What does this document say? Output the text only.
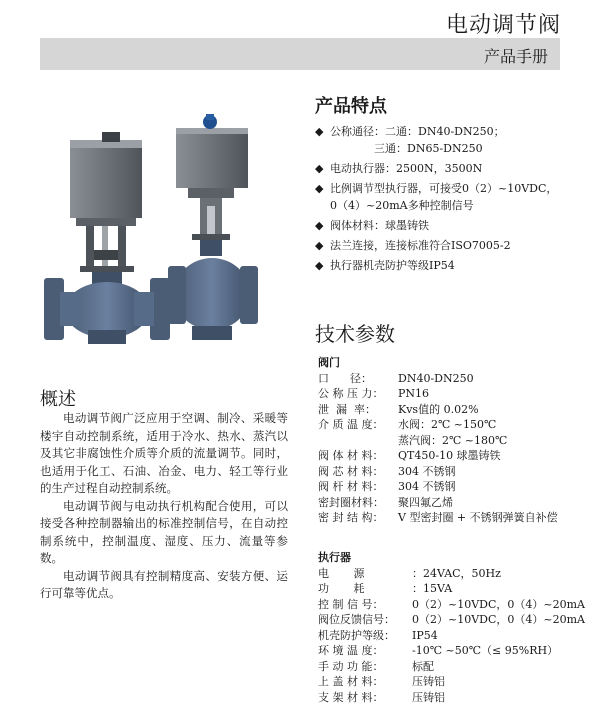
电动调节阀
产品手册
产品特点
◆ 公称通径：二通：DN40-DN250；
三通：DN65-DN250
◆ 电动执行器：2500N，3500N
◆ 比例调节型执行器，可接受0（2）~10VDC，
0（4）~20mA多种控制信号
◆ 阀体材料：球墨铸铁
◆ 法兰连接，连接标准符合ISO7005-2
◆ 执行器机壳防护等级IP54
技术参数
阀门
口      径：	DN40-DN250
公 称 压 力：	PN16
泄  漏  率：	Kvs值的 0.02%
介 质 温 度：	水阀：2℃ ~150℃
蒸汽阀：2℃ ~180℃
阀 体 材 料：	QT450-10 球墨铸铁
阀 芯 材 料：	304 不锈钢
阀 杆 材 料：	304 不锈钢
密封圈材料：	聚四氟乙烯
密 封 结 构：	V 型密封圈 + 不锈钢弹簧自补偿
执行器
电       源	：24VAC，50Hz
功       耗	：15VA
控 制 信 号：	0（2）~10VDC，0（4）~20mA
阀位反馈信号：	0（2）~10VDC，0（4）~20mA
机壳防护等级：	IP54
环 境 温 度：	-10℃ ~50℃（≤ 95%RH）
手 动 功 能：	标配
上 盖 材 料：	压铸铝
支 架 材 料：	压铸铝
概述

电动调节阀广泛应用于空调、制冷、采暖等楼宇自动控制系统，适用于冷水、热水、蒸汽以及其它非腐蚀性介质等介质的流量调节。同时，也适用于化工、石油、冶金、电力、轻工等行业的生产过程自动控制系统。

电动调节阀与电动执行机构配合使用，可以接受各种控制器输出的标准控制信号，在自动控制系统中，控制温度、湿度、压力、流量等参数。

电动调节阀具有控制精度高、安装方便、运行可靠等优点。
